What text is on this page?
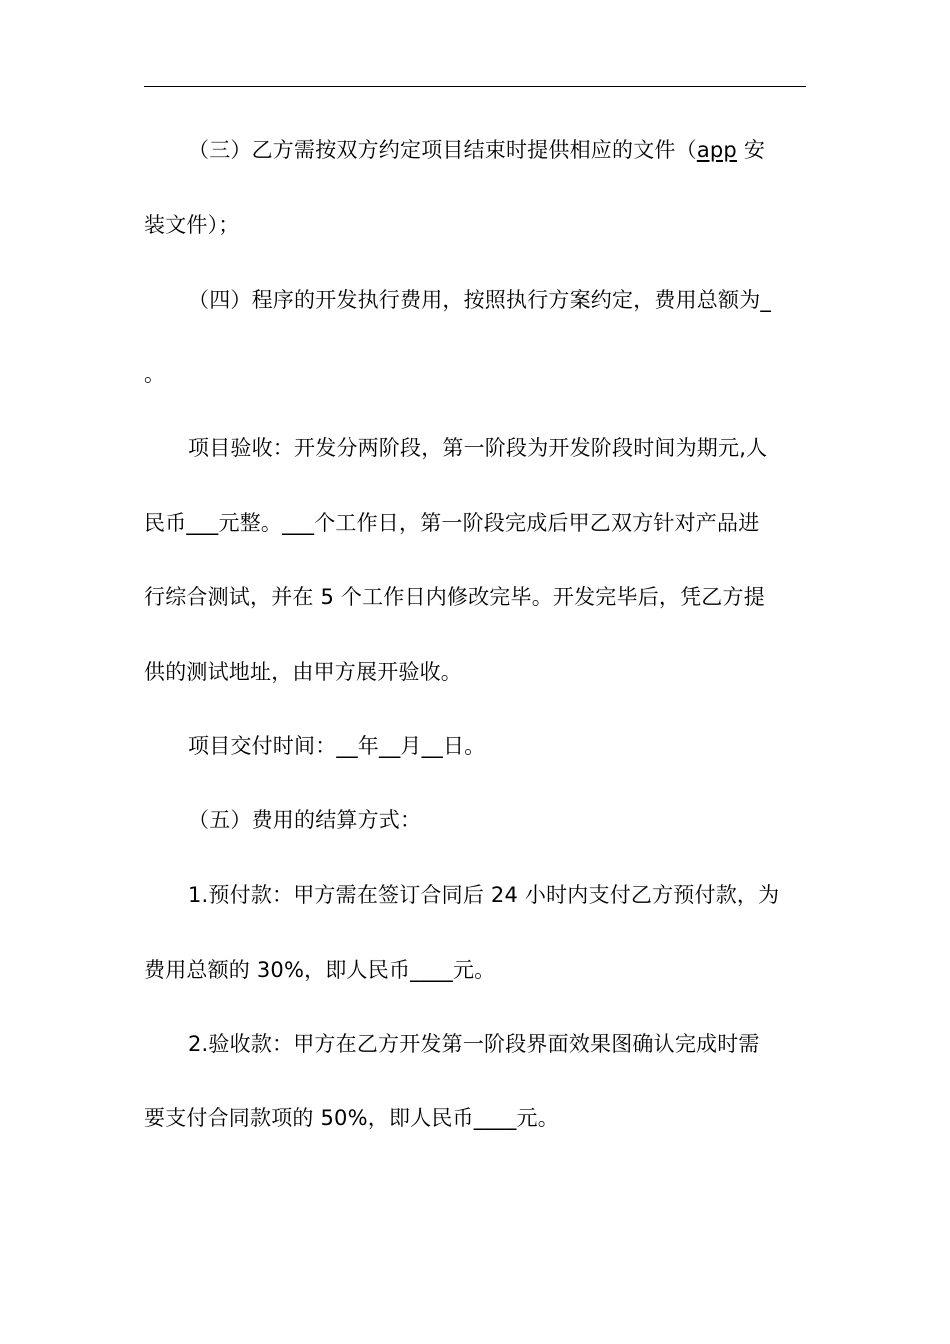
（三）乙方需按双方约定项目结束时提供相应的文件（app 安
装文件）；
（四）程序的开发执行费用，按照执行方案约定，费用总额为_
。
项目验收：开发分两阶段，第一阶段为开发阶段时间为期元,人
民币___元整。___个工作日，第一阶段完成后甲乙双方针对产品进
行综合测试，并在 5 个工作日内修改完毕。开发完毕后，凭乙方提
供的测试地址，由甲方展开验收。
项目交付时间：__年__月__日。
（五）费用的结算方式：
1.预付款：甲方需在签订合同后 24 小时内支付乙方预付款，为
费用总额的 30%，即人民币____元。
2.验收款：甲方在乙方开发第一阶段界面效果图确认完成时需
要支付合同款项的 50%，即人民币____元。
